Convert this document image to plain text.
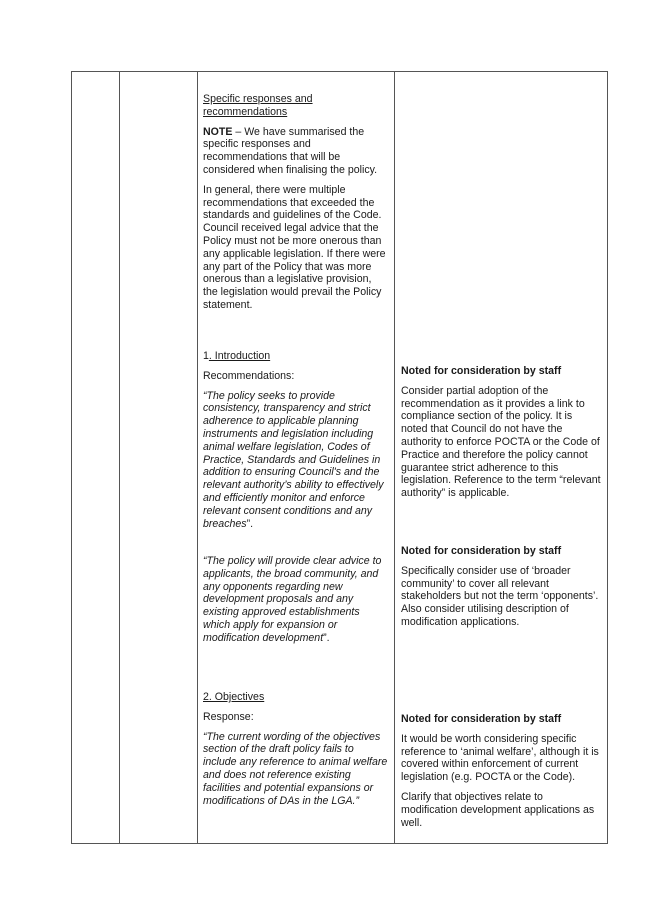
Specific responses and recommendations

NOTE – We have summarised the specific responses and recommendations that will be considered when finalising the policy.

In general, there were multiple recommendations that exceeded the standards and guidelines of the Code. Council received legal advice that the Policy must not be more onerous than any applicable legislation. If there were any part of the Policy that was more onerous than a legislative provision, the legislation would prevail the Policy statement.

1. Introduction

Recommendations:

“The policy seeks to provide consistency, transparency and strict adherence to applicable planning instruments and legislation including animal welfare legislation, Codes of Practice, Standards and Guidelines in addition to ensuring Council's and the relevant authority’s ability to effectively and efficiently monitor and enforce relevant consent conditions and any breaches”.

“The policy will provide clear advice to applicants, the broad community, and any opponents regarding new development proposals and any existing approved establishments which apply for expansion or modification development”.

2. Objectives

Response:

“The current wording of the objectives section of the draft policy fails to include any reference to animal welfare and does not reference existing facilities and potential expansions or modifications of DAs in the LGA.”

Noted for consideration by staff

Consider partial adoption of the recommendation as it provides a link to compliance section of the policy. It is noted that Council do not have the authority to enforce POCTA or the Code of Practice and therefore the policy cannot guarantee strict adherence to this legislation. Reference to the term “relevant authority” is applicable.

Noted for consideration by staff

Specifically consider use of ‘broader community’ to cover all relevant stakeholders but not the term ‘opponents’. Also consider utilising description of modification applications.

Noted for consideration by staff

It would be worth considering specific reference to ‘animal welfare’, although it is covered within enforcement of current legislation (e.g. POCTA or the Code).

Clarify that objectives relate to modification development applications as well.
